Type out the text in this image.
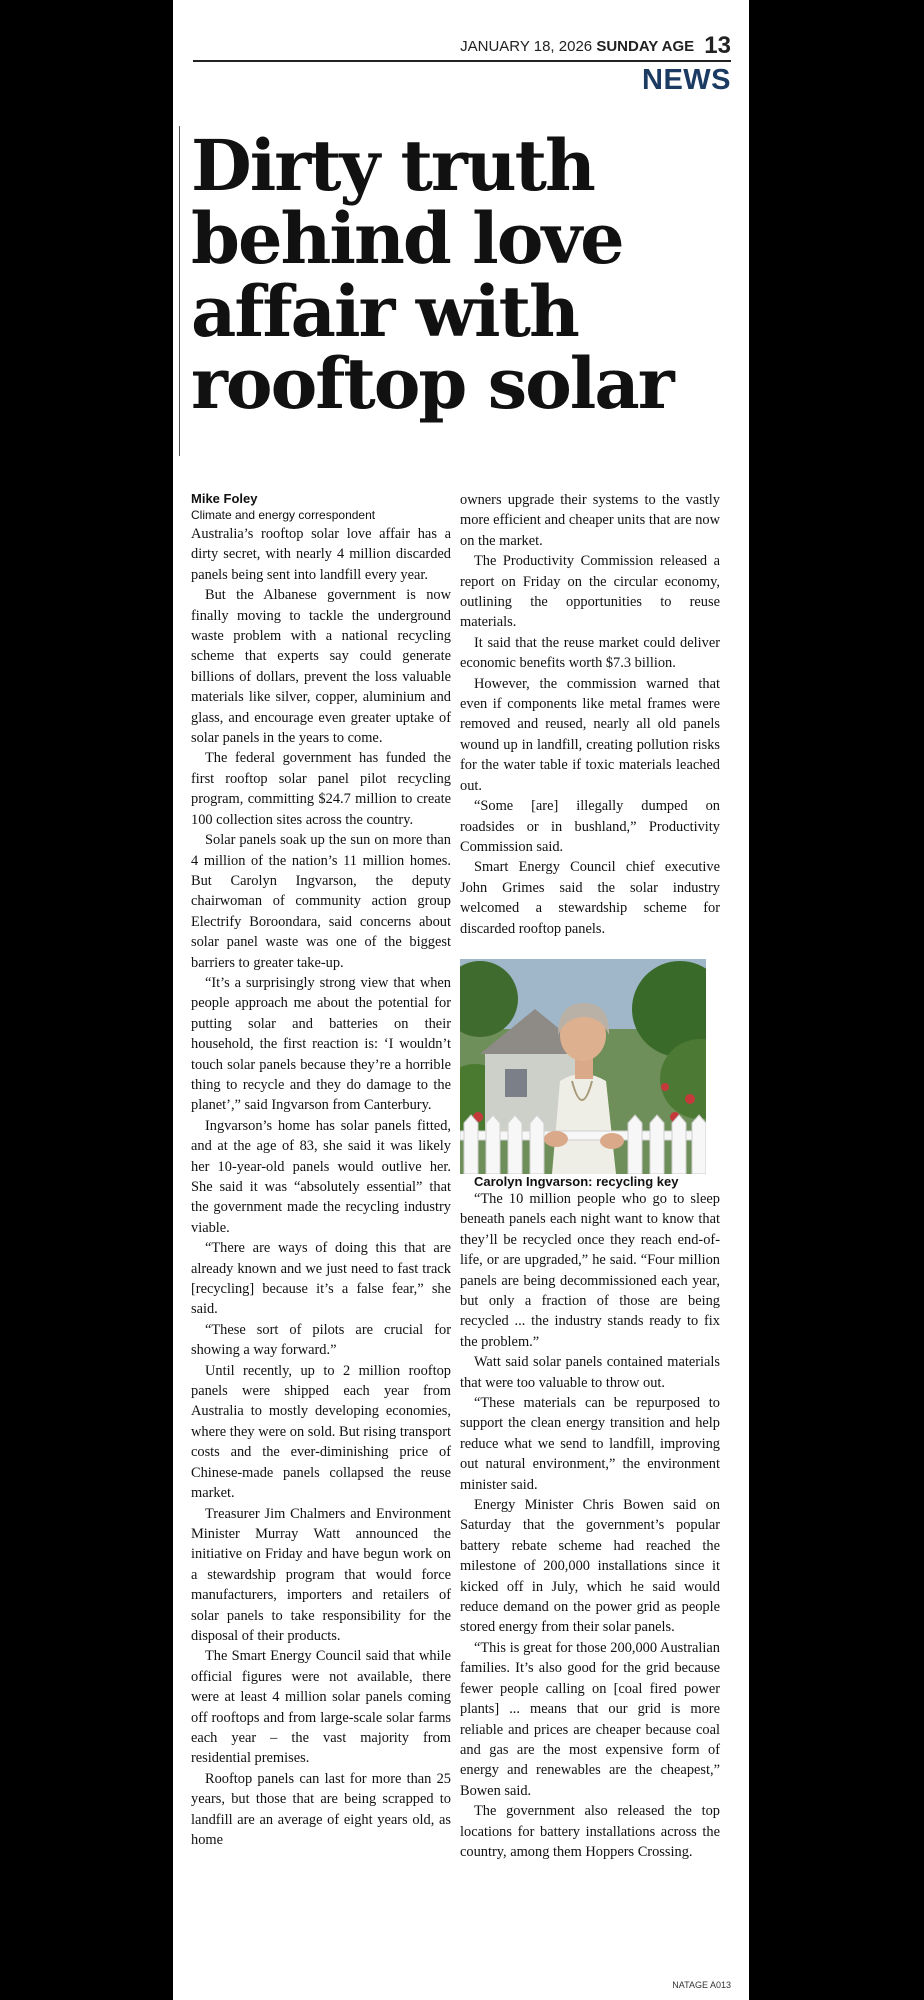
JANUARY 18, 2026 SUNDAY AGE 13
NEWS
Dirty truth behind love affair with rooftop solar

Mike Foley

Climate and energy correspondent

Australia’s rooftop solar love affair has a dirty secret, with nearly 4 million discarded panels being sent into landfill every year.

But the Albanese government is now finally moving to tackle the underground waste problem with a national recycling scheme that experts say could generate billions of dollars, prevent the loss valuable materials like silver, copper, aluminium and glass, and encourage even greater uptake of solar panels in the years to come.

The federal government has funded the first rooftop solar panel pilot recycling program, committing $24.7 million to create 100 collection sites across the country.

Solar panels soak up the sun on more than 4 million of the nation’s 11 million homes. But Carolyn Ingvarson, the deputy chairwoman of community action group Electrify Boroondara, said concerns about solar panel waste was one of the biggest barriers to greater take-up.

“It’s a surprisingly strong view that when people approach me about the potential for putting solar and batteries on their household, the first reaction is: ‘I wouldn’t touch solar panels because they’re a horrible thing to recycle and they do damage to the planet’,” said Ingvarson from Canterbury.

Ingvarson’s home has solar panels fitted, and at the age of 83, she said it was likely her 10-year-old panels would outlive her. She said it was “absolutely essential” that the government made the recycling industry viable.

“There are ways of doing this that are already known and we just need to fast track [recycling] because it’s a false fear,” she said.

“These sort of pilots are crucial for showing a way forward.”

Until recently, up to 2 million rooftop panels were shipped each year from Australia to mostly developing economies, where they were on sold. But rising transport costs and the ever-diminishing price of Chinese-made panels collapsed the reuse market.

Treasurer Jim Chalmers and Environment Minister Murray Watt announced the initiative on Friday and have begun work on a stewardship program that would force manufacturers, importers and retailers of solar panels to take responsibility for the disposal of their products.

The Smart Energy Council said that while official figures were not available, there were at least 4 million solar panels coming off rooftops and from large-scale solar farms each year – the vast majority from residential premises.

Rooftop panels can last for more than 25 years, but those that are being scrapped to landfill are an average of eight years old, as home

owners upgrade their systems to the vastly more efficient and cheaper units that are now on the market.

The Productivity Commission released a report on Friday on the circular economy, outlining the opportunities to reuse materials.

It said that the reuse market could deliver economic benefits worth $7.3 billion.

However, the commission warned that even if components like metal frames were removed and reused, nearly all old panels wound up in landfill, creating pollution risks for the water table if toxic materials leached out.

“Some [are] illegally dumped on roadsides or in bushland,” Productivity Commission said.

Smart Energy Council chief executive John Grimes said the solar industry welcomed a stewardship scheme for discarded rooftop panels.

Carolyn Ingvarson: recycling key

“The 10 million people who go to sleep beneath panels each night want to know that they’ll be recycled once they reach end-of-life, or are upgraded,” he said. “Four million panels are being decommissioned each year, but only a fraction of those are being recycled ... the industry stands ready to fix the problem.”

Watt said solar panels contained materials that were too valuable to throw out.

“These materials can be repurposed to support the clean energy transition and help reduce what we send to landfill, improving out natural environment,” the environment minister said.

Energy Minister Chris Bowen said on Saturday that the government’s popular battery rebate scheme had reached the milestone of 200,000 installations since it kicked off in July, which he said would reduce demand on the power grid as people stored energy from their solar panels.

“This is great for those 200,000 Australian families. It’s also good for the grid because fewer people calling on [coal fired power plants] ... means that our grid is more reliable and prices are cheaper because coal and gas are the most expensive form of energy and renewables are the cheapest,” Bowen said.

The government also released the top locations for battery installations across the country, among them Hoppers Crossing.

NATAGE A013
